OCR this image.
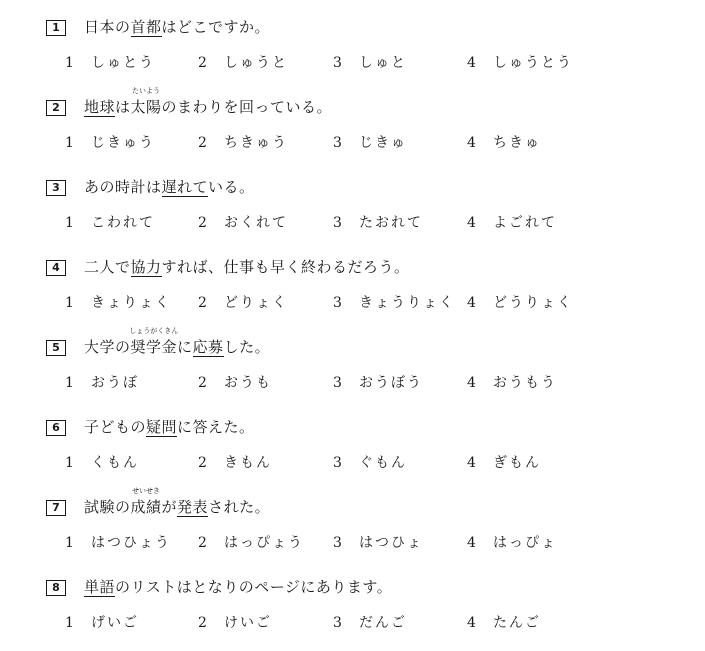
1	日本の首都はどこですか。
1 しゅとう	2 しゅうと	3 しゅと	4 しゅうとう
2	地球は
たいよう
太陽のまわりを回っている。
1 じきゅう	2 ちきゅう	3 じきゅ	4 ちきゅ
3	あの時計は遅れている。
1 こわれて	2 おくれて	3 たおれて	4 よごれて
4	二人で協力すれば、仕事も早く終わるだろう。
1 きょりょく 2 どりょく	3 きょうりょく 4 どうりょく
5	大学の
しょうがくきん
奨学金に応募した。
1 おうぼ	2 おうも	3 おうぼう	4 おうもう
6	子どもの疑問に答えた。
1 くもん	2 きもん	3 ぐもん	4 ぎもん
7	試験の
せいせき
成績が発表された。
1 はつひょう 2 はっぴょう 3 はつひょ	4 はっぴょ
8	単語のリストはとなりのページにあります。
1 げいご	2 けいご	3 だんご	4 たんご
